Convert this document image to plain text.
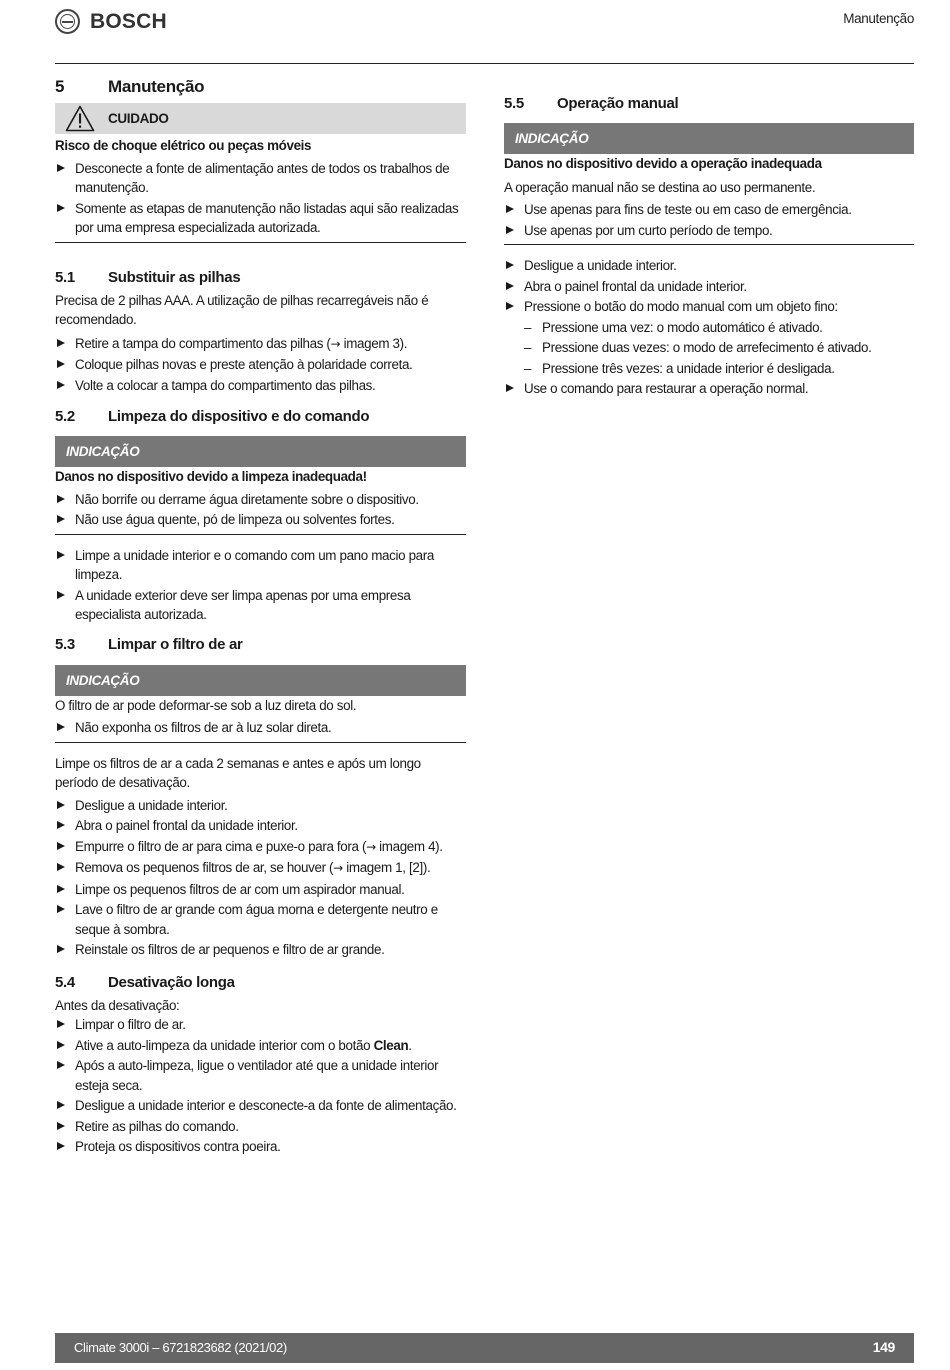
BOSCH	Manutenção
5	Manutenção
CUIDADO
Risco de choque elétrico ou peças móveis
Desconecte a fonte de alimentação antes de todos os trabalhos de manutenção.
Somente as etapas de manutenção não listadas aqui são realizadas por uma empresa especializada autorizada.
5.1	Substituir as pilhas
Precisa de 2 pilhas AAA. A utilização de pilhas recarregáveis não é recomendado.
Retire a tampa do compartimento das pilhas (→ imagem 3).
Coloque pilhas novas e preste atenção à polaridade correta.
Volte a colocar a tampa do compartimento das pilhas.
5.2	Limpeza do dispositivo e do comando
INDICAÇÃO
Danos no dispositivo devido a limpeza inadequada!
Não borrife ou derrame água diretamente sobre o dispositivo.
Não use água quente, pó de limpeza ou solventes fortes.
Limpe a unidade interior e o comando com um pano macio para limpeza.
A unidade exterior deve ser limpa apenas por uma empresa especialista autorizada.
5.3	Limpar o filtro de ar
INDICAÇÃO
O filtro de ar pode deformar-se sob a luz direta do sol.
Não exponha os filtros de ar à luz solar direta.
Limpe os filtros de ar a cada 2 semanas e antes e após um longo período de desativação.
Desligue a unidade interior.
Abra o painel frontal da unidade interior.
Empurre o filtro de ar para cima e puxe-o para fora (→ imagem 4).
Remova os pequenos filtros de ar, se houver (→ imagem 1, [2]).
Limpe os pequenos filtros de ar com um aspirador manual.
Lave o filtro de ar grande com água morna e detergente neutro e seque à sombra.
Reinstale os filtros de ar pequenos e filtro de ar grande.
5.4	Desativação longa
Antes da desativação:
Limpar o filtro de ar.
Ative a auto-limpeza da unidade interior com o botão Clean.
Após a auto-limpeza, ligue o ventilador até que a unidade interior esteja seca.
Desligue a unidade interior e desconecte-a da fonte de alimentação.
Retire as pilhas do comando.
Proteja os dispositivos contra poeira.
5.5	Operação manual
INDICAÇÃO
Danos no dispositivo devido a operação inadequada
A operação manual não se destina ao uso permanente.
Use apenas para fins de teste ou em caso de emergência.
Use apenas por um curto período de tempo.
Desligue a unidade interior.
Abra o painel frontal da unidade interior.
Pressione o botão do modo manual com um objeto fino:
– Pressione uma vez: o modo automático é ativado.
– Pressione duas vezes: o modo de arrefecimento é ativado.
– Pressione três vezes: a unidade interior é desligada.
Use o comando para restaurar a operação normal.
Climate 3000i – 6721823682 (2021/02)	149
